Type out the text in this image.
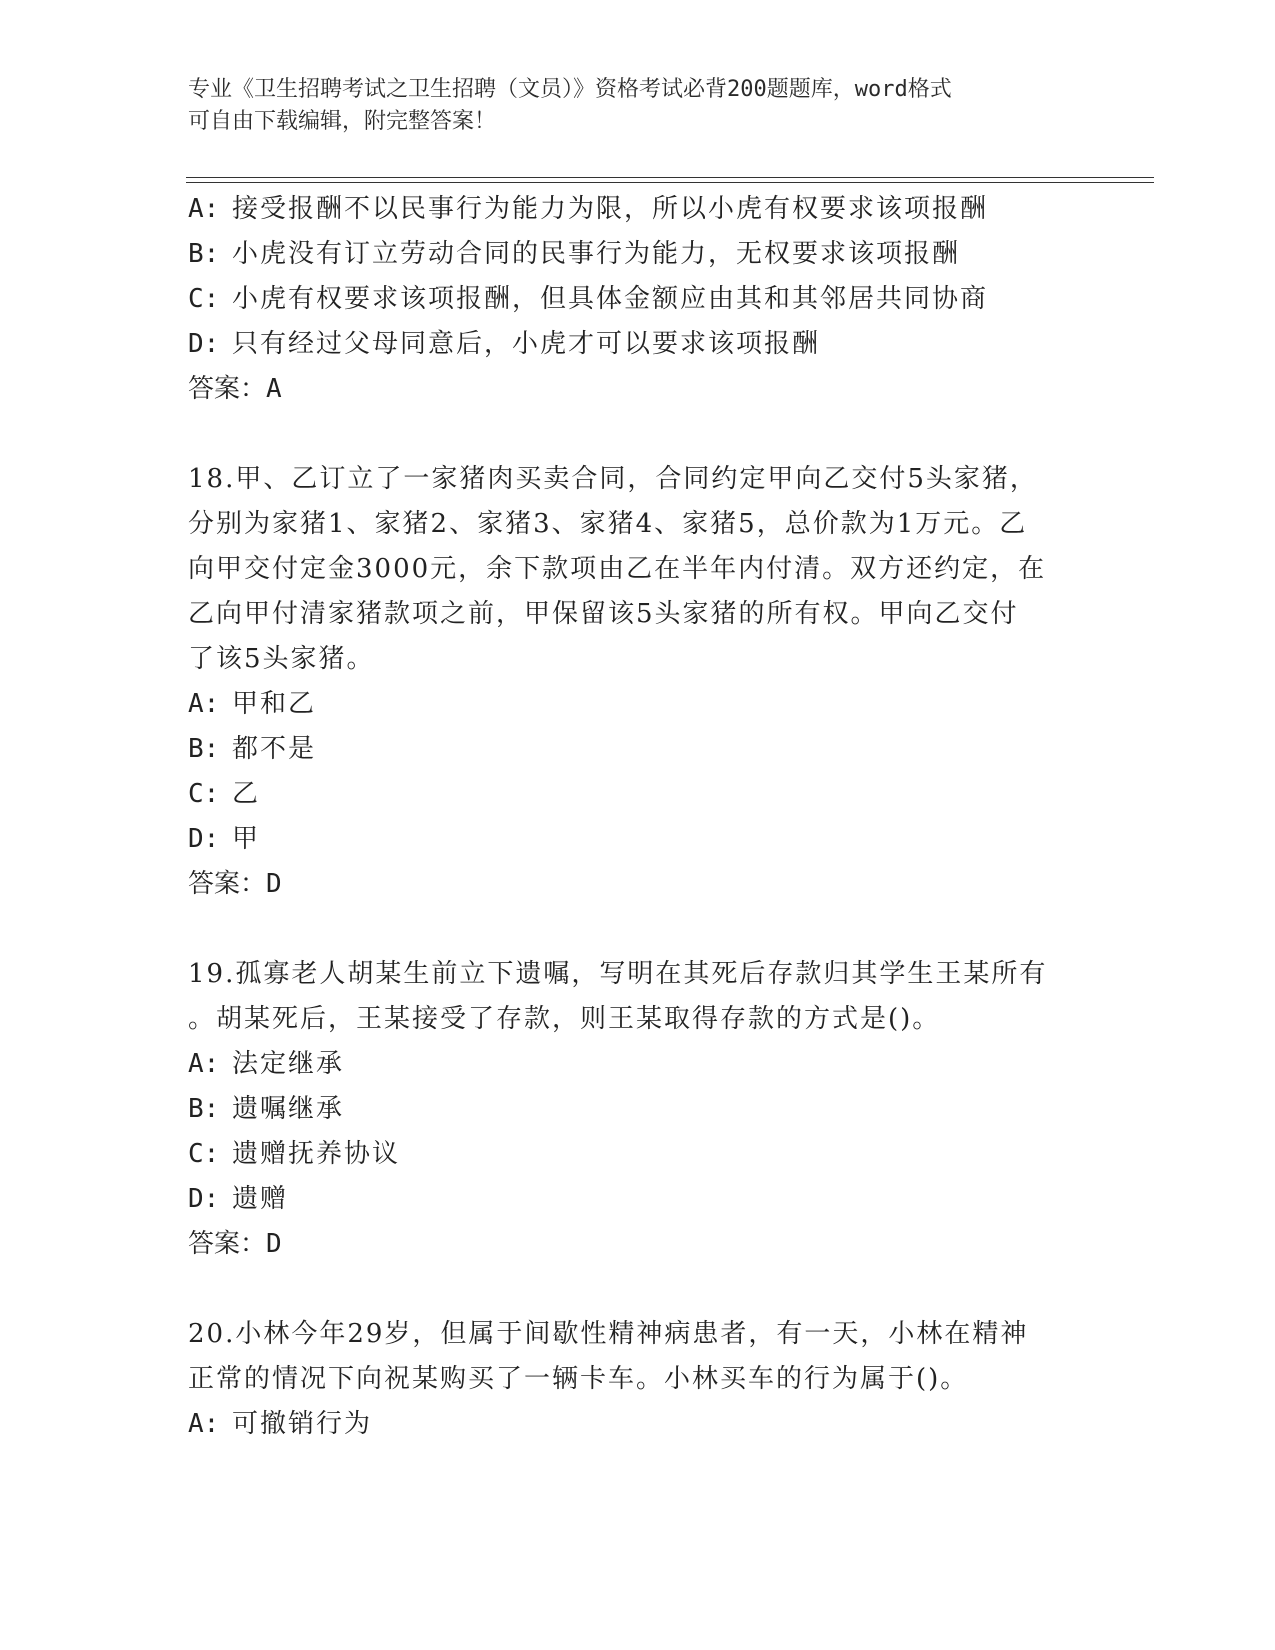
专业《卫生招聘考试之卫生招聘（文员）》资格考试必背200题题库，word格式
可自由下载编辑，附完整答案！

A: 接受报酬不以民事行为能力为限，所以小虎有权要求该项报酬

B: 小虎没有订立劳动合同的民事行为能力，无权要求该项报酬

C: 小虎有权要求该项报酬，但具体金额应由其和其邻居共同协商

D: 只有经过父母同意后，小虎才可以要求该项报酬

答案：A

18.甲、乙订立了一家猪肉买卖合同，合同约定甲向乙交付5头家猪，

分别为家猪1、家猪2、家猪3、家猪4、家猪5，总价款为1万元。乙

向甲交付定金3000元，余下款项由乙在半年内付清。双方还约定，在

乙向甲付清家猪款项之前，甲保留该5头家猪的所有权。甲向乙交付

了该5头家猪。

A: 甲和乙

B: 都不是

C: 乙

D: 甲

答案：D

19.孤寡老人胡某生前立下遗嘱，写明在其死后存款归其学生王某所有

。胡某死后，王某接受了存款，则王某取得存款的方式是()。

A: 法定继承

B: 遗嘱继承

C: 遗赠抚养协议

D: 遗赠

答案：D

20.小林今年29岁，但属于间歇性精神病患者，有一天，小林在精神

正常的情况下向祝某购买了一辆卡车。小林买车的行为属于()。

A: 可撤销行为
